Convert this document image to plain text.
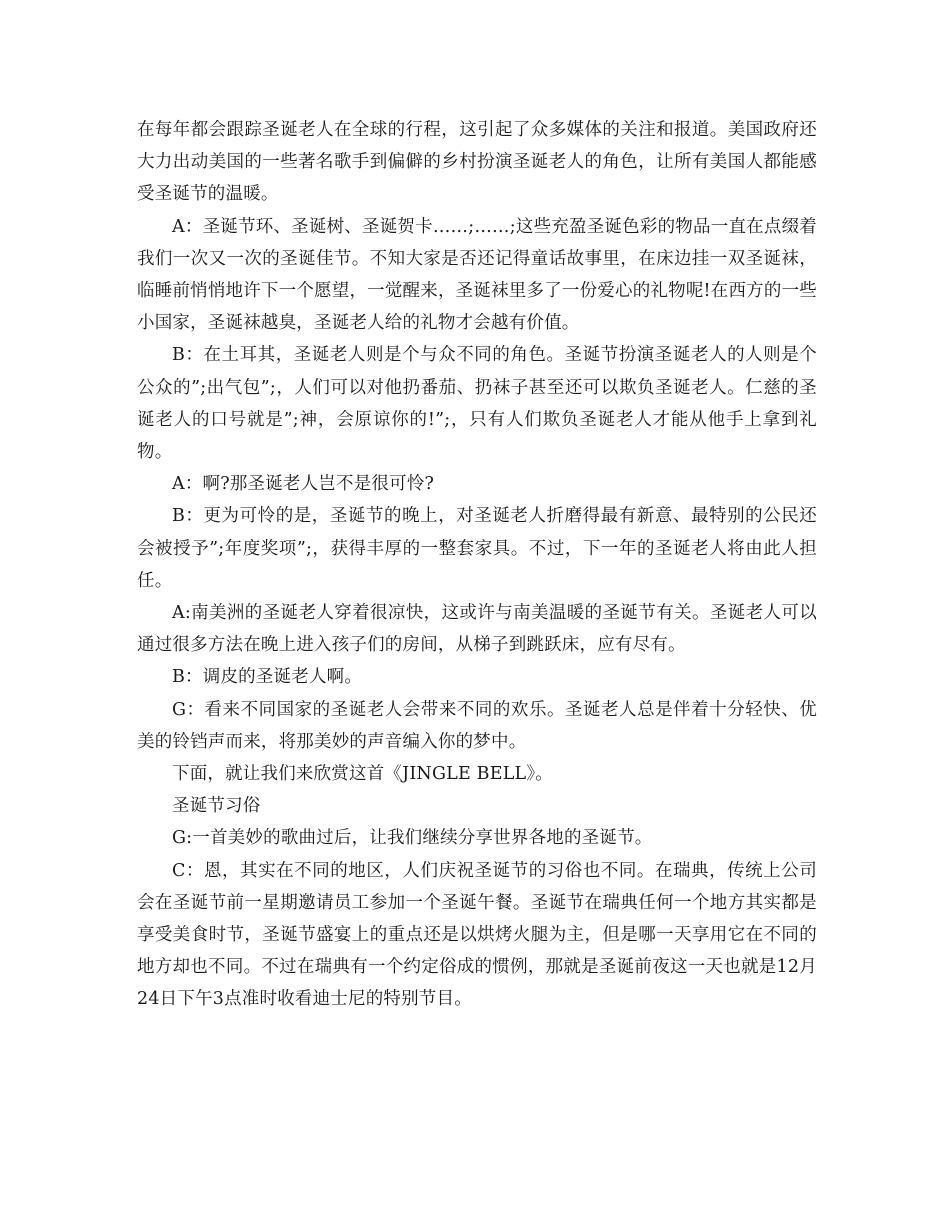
在每年都会跟踪圣诞老人在全球的行程，这引起了众多媒体的关注和报道。美国政府还大力出动美国的一些著名歌手到偏僻的乡村扮演圣诞老人的角色，让所有美国人都能感受圣诞节的温暖。

A：圣诞节环、圣诞树、圣诞贺卡……;……;这些充盈圣诞色彩的物品一直在点缀着我们一次又一次的圣诞佳节。不知大家是否还记得童话故事里，在床边挂一双圣诞袜，临睡前悄悄地许下一个愿望，一觉醒来，圣诞袜里多了一份爱心的礼物呢!在西方的一些小国家，圣诞袜越臭，圣诞老人给的礼物才会越有价值。

B：在土耳其，圣诞老人则是个与众不同的角色。圣诞节扮演圣诞老人的人则是个公众的”;出气包”;，人们可以对他扔番茄、扔袜子甚至还可以欺负圣诞老人。仁慈的圣诞老人的口号就是”;神，会原谅你的!”;，只有人们欺负圣诞老人才能从他手上拿到礼物。

A：啊?那圣诞老人岂不是很可怜?

B：更为可怜的是，圣诞节的晚上，对圣诞老人折磨得最有新意、最特别的公民还会被授予”;年度奖项”;，获得丰厚的一整套家具。不过，下一年的圣诞老人将由此人担任。

A:南美洲的圣诞老人穿着很凉快，这或许与南美温暖的圣诞节有关。圣诞老人可以通过很多方法在晚上进入孩子们的房间，从梯子到跳跃床，应有尽有。

B：调皮的圣诞老人啊。

G：看来不同国家的圣诞老人会带来不同的欢乐。圣诞老人总是伴着十分轻快、优美的铃铛声而来，将那美妙的声音编入你的梦中。

下面，就让我们来欣赏这首《JINGLE BELL》。

圣诞节习俗

G:一首美妙的歌曲过后，让我们继续分享世界各地的圣诞节。

C：恩，其实在不同的地区，人们庆祝圣诞节的习俗也不同。在瑞典，传统上公司会在圣诞节前一星期邀请员工参加一个圣诞午餐。圣诞节在瑞典任何一个地方其实都是享受美食时节，圣诞节盛宴上的重点还是以烘烤火腿为主，但是哪一天享用它在不同的地方却也不同。不过在瑞典有一个约定俗成的惯例，那就是圣诞前夜这一天也就是12月24日下午3点准时收看迪士尼的特别节目。
